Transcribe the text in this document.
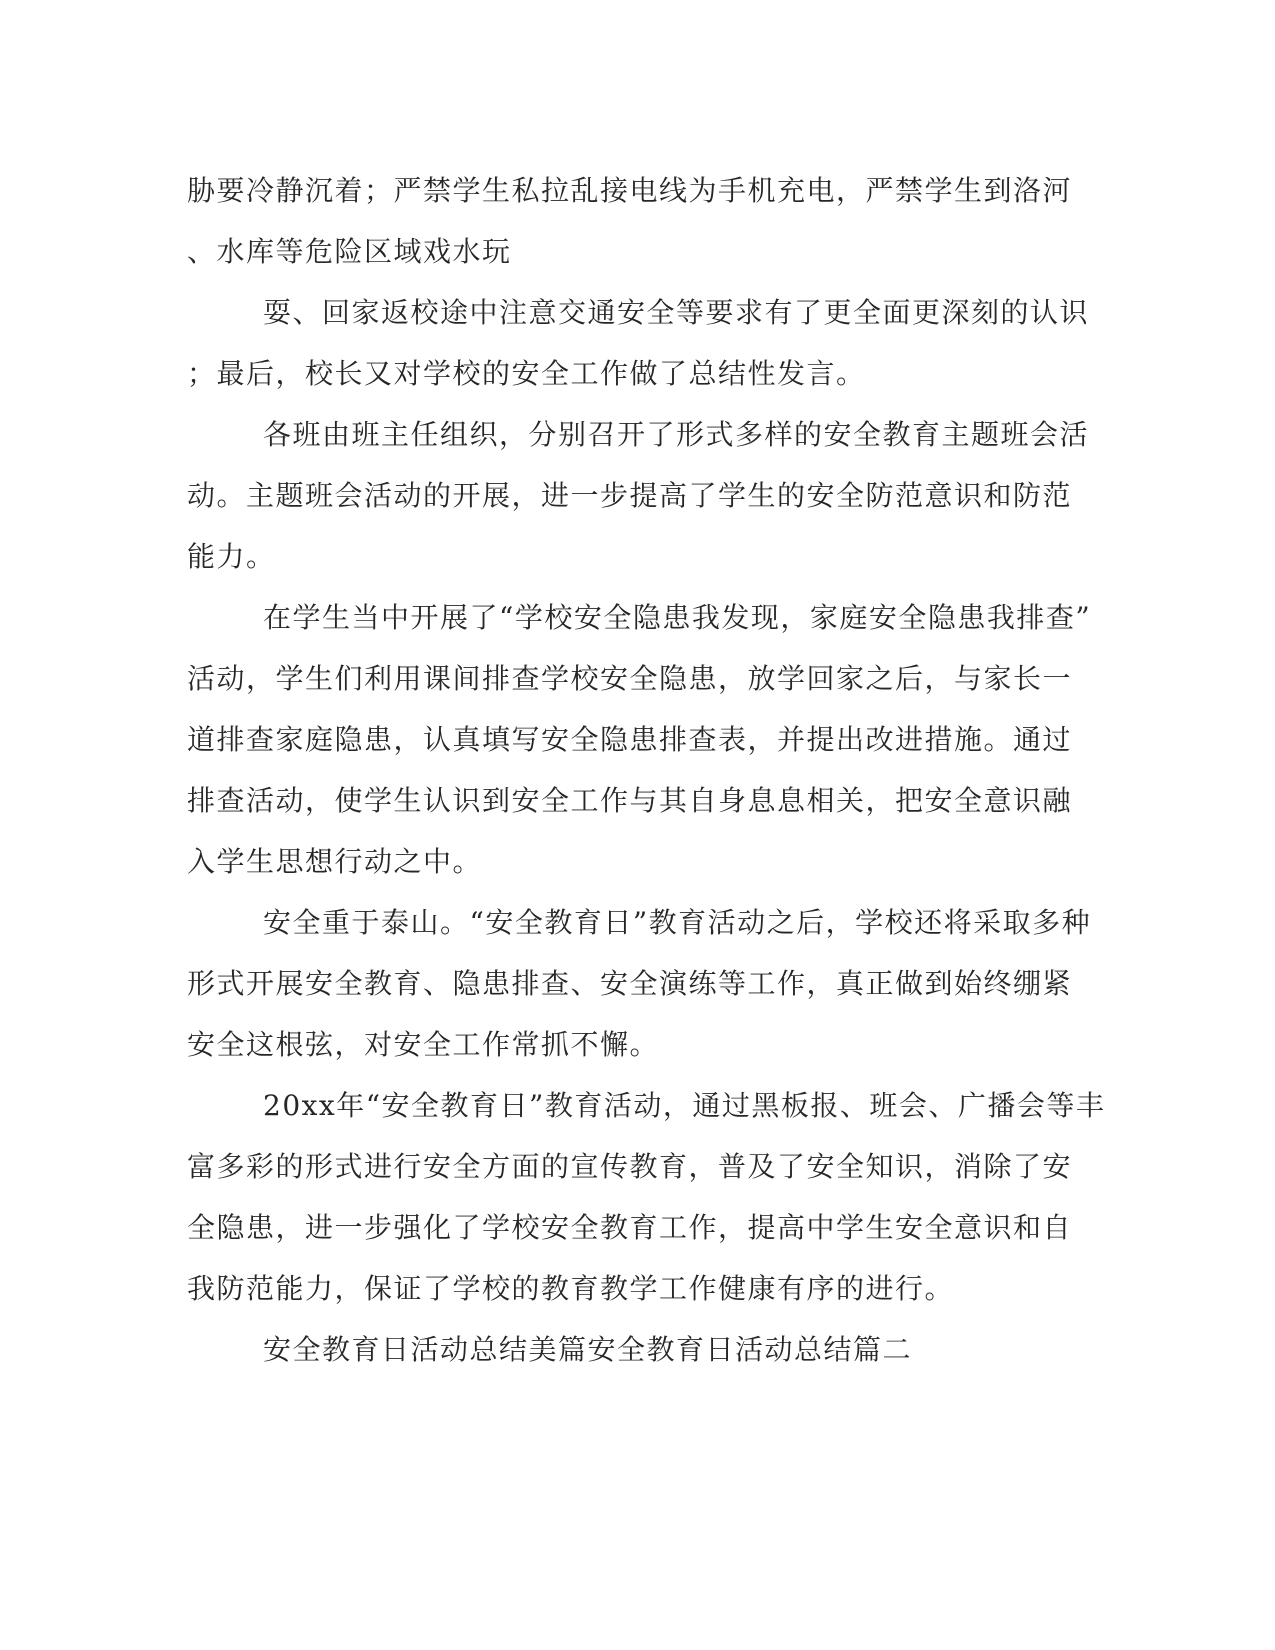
胁要冷静沉着；严禁学生私拉乱接电线为手机充电，严禁学生到洛河
、水库等危险区域戏水玩
耍、回家返校途中注意交通安全等要求有了更全面更深刻的认识
；最后，校长又对学校的安全工作做了总结性发言。
各班由班主任组织，分别召开了形式多样的安全教育主题班会活
动。主题班会活动的开展，进一步提高了学生的安全防范意识和防范
能力。
在学生当中开展了“学校安全隐患我发现，家庭安全隐患我排查”
活动，学生们利用课间排查学校安全隐患，放学回家之后，与家长一
道排查家庭隐患，认真填写安全隐患排查表，并提出改进措施。通过
排查活动，使学生认识到安全工作与其自身息息相关，把安全意识融
入学生思想行动之中。
安全重于泰山。“安全教育日”教育活动之后，学校还将采取多种
形式开展安全教育、隐患排查、安全演练等工作，真正做到始终绷紧
安全这根弦，对安全工作常抓不懈。
20xx年“安全教育日”教育活动，通过黑板报、班会、广播会等丰
富多彩的形式进行安全方面的宣传教育，普及了安全知识，消除了安
全隐患，进一步强化了学校安全教育工作，提高中学生安全意识和自
我防范能力，保证了学校的教育教学工作健康有序的进行。
安全教育日活动总结美篇安全教育日活动总结篇二
